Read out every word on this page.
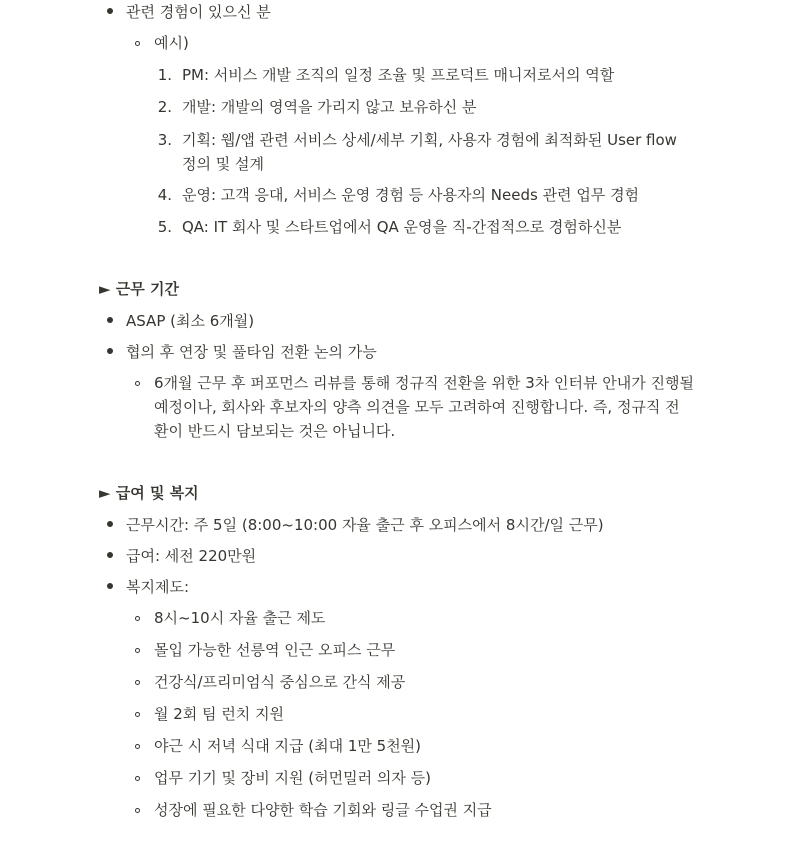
관련 경험이 있으신 분
예시)
1. PM: 서비스 개발 조직의 일정 조율 및 프로덕트 매니저로서의 역할
2. 개발: 개발의 영역을 가리지 않고 보유하신 분
3. 기획: 웹/앱 관련 서비스 상세/세부 기획, 사용자 경험에 최적화된 User flow 정의 및 설계
4. 운영: 고객 응대, 서비스 운영 경험 등 사용자의 Needs 관련 업무 경험
5. QA: IT 회사 및 스타트업에서 QA 운영을 직-간접적으로 경험하신분
► 근무 기간
ASAP (최소 6개월)
협의 후 연장 및 풀타임 전환 논의 가능
6개월 근무 후 퍼포먼스 리뷰를 통해 정규직 전환을 위한 3차 인터뷰 안내가 진행될 예정이나, 회사와 후보자의 양측 의견을 모두 고려하여 진행합니다. 즉, 정규직 전환이 반드시 담보되는 것은 아닙니다.
► 급여 및 복지
근무시간: 주 5일 (8:00~10:00 자율 출근 후 오피스에서 8시간/일 근무)
급여: 세전 220만원
복지제도:
8시~10시 자율 출근 제도
몰입 가능한 선릉역 인근 오피스 근무
건강식/프리미엄식 중심으로 간식 제공
월 2회 팀 런치 지원
야근 시 저녁 식대 지급 (최대 1만 5천원)
업무 기기 및 장비 지원 (허먼밀러 의자 등)
성장에 필요한 다양한 학습 기회와 링글 수업권 지급
